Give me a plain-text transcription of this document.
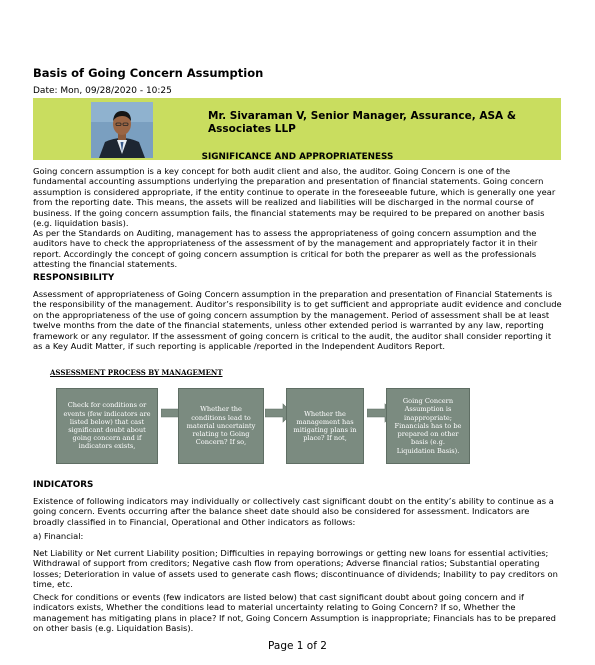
Basis of Going Concern Assumption
Date: Mon, 09/28/2020 - 10:25
Mr. Sivaraman V, Senior Manager, Assurance, ASA & Associates LLP
SIGNIFICANCE AND APPROPRIATENESS

Going concern assumption is a key concept for both audit client and also, the auditor. Going Concern is one of the fundamental accounting assumptions underlying the preparation and presentation of financial statements. Going concern assumption is considered appropriate, if the entity continue to operate in the foreseeable future, which is generally one year from the reporting date. This means, the assets will be realized and liabilities will be discharged in the normal course of business. If the going concern assumption fails, the financial statements may be required to be prepared on another basis (e.g. liquidation basis).

As per the Standards on Auditing, management has to assess the appropriateness of going concern assumption and the auditors have to check the appropriateness of the assessment of by the management and appropriately factor it in their report. Accordingly the concept of going concern assumption is critical for both the preparer as well as the professionals attesting the financial statements.

RESPONSIBILITY

Assessment of appropriateness of Going Concern assumption in the preparation and presentation of Financial Statements is the responsibility of the management. Auditor’s responsibility is to get sufficient and appropriate audit evidence and conclude on the appropriateness of the use of going concern assumption by the management. Period of assessment shall be at least twelve months from the date of the financial statements, unless other extended period is warranted by any law, reporting framework or any regulator. If the assessment of going concern is critical to the audit, the auditor shall consider reporting it as a Key Audit Matter, if such reporting is applicable /reported in the Independent Auditors Report.

ASSESSMENT PROCESS BY MANAGEMENT
Check for conditions or events (few indicators are listed below) that cast significant doubt about going concern and if indicators exists,
Whether the conditions lead to material uncertainty relating to Going Concern? If so,
Whether the management has mitigating plans in place? If not,
Going Concern Assumption is inappropriate; Financials has to be prepared on other basis (e.g. Liquidation Basis).
INDICATORS

Existence of following indicators may individually or collectively cast significant doubt on the entity’s ability to continue as a going concern. Events occurring after the balance sheet date should also be considered for assessment. Indicators are broadly classified in to Financial, Operational and Other indicators as follows:

a) Financial:

Net Liability or Net current Liability position; Difficulties in repaying borrowings or getting new loans for essential activities; Withdrawal of support from creditors; Negative cash flow from operations; Adverse financial ratios; Substantial operating losses; Deterioration in value of assets used to generate cash flows; discontinuance of dividends; Inability to pay creditors on time, etc.

Check for conditions or events (few indicators are listed below) that cast significant doubt about going concern and if indicators exists, Whether the conditions lead to material uncertainty relating to Going Concern? If so, Whether the management has mitigating plans in place? If not, Going Concern Assumption is inappropriate; Financials has to be prepared on other basis (e.g. Liquidation Basis).

Page 1 of 2
